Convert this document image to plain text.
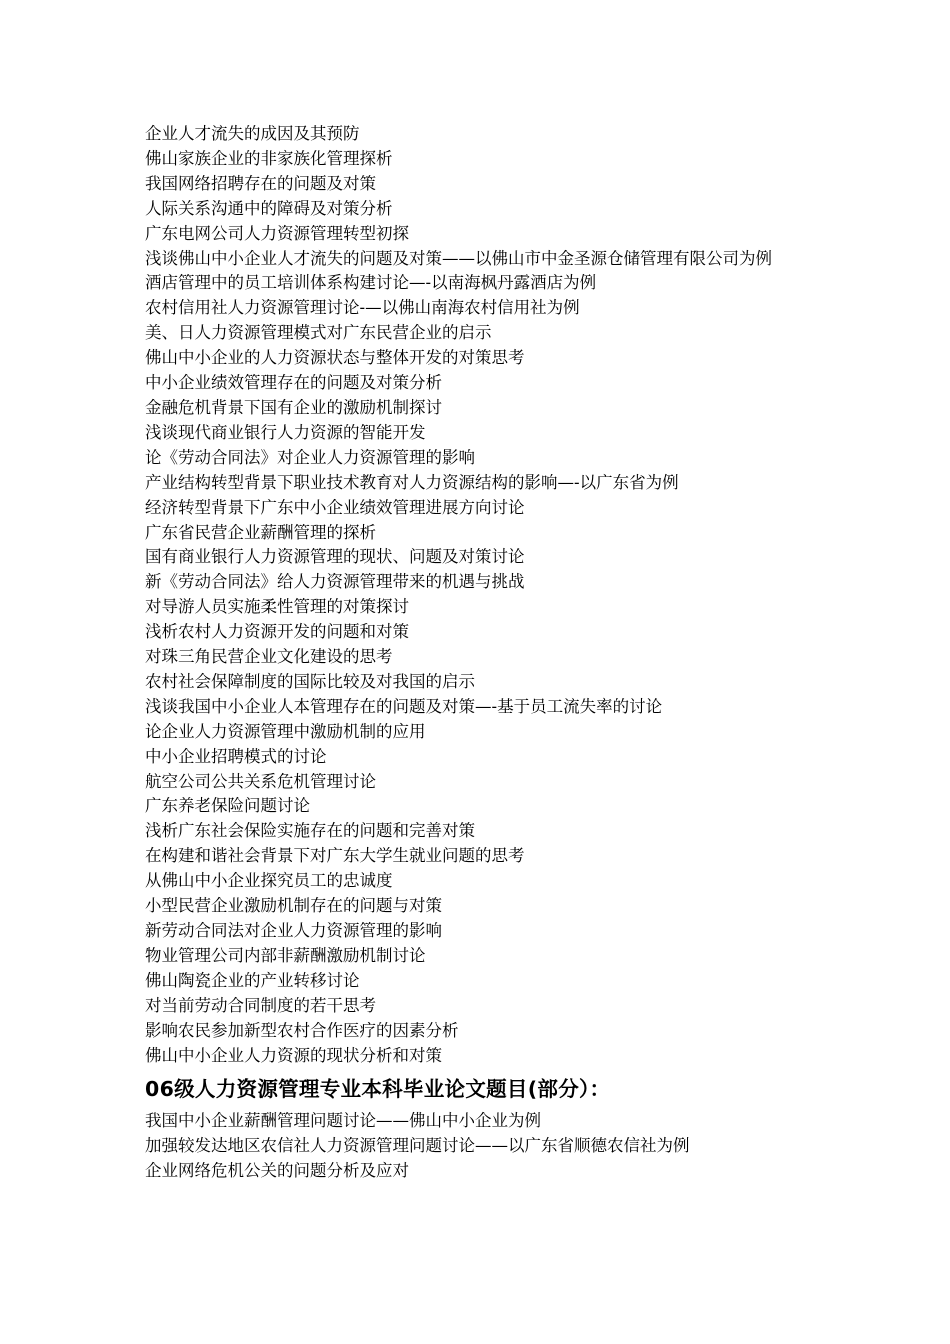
企业人才流失的成因及其预防
佛山家族企业的非家族化管理探析
我国网络招聘存在的问题及对策
人际关系沟通中的障碍及对策分析
广东电网公司人力资源管理转型初探
浅谈佛山中小企业人才流失的问题及对策——以佛山市中金圣源仓储管理有限公司为例
酒店管理中的员工培训体系构建讨论—-以南海枫丹露酒店为例
农村信用社人力资源管理讨论-—以佛山南海农村信用社为例
美、日人力资源管理模式对广东民营企业的启示
佛山中小企业的人力资源状态与整体开发的对策思考
中小企业绩效管理存在的问题及对策分析
金融危机背景下国有企业的激励机制探讨
浅谈现代商业银行人力资源的智能开发
论《劳动合同法》对企业人力资源管理的影响
产业结构转型背景下职业技术教育对人力资源结构的影响—-以广东省为例
经济转型背景下广东中小企业绩效管理进展方向讨论
广东省民营企业薪酬管理的探析
国有商业银行人力资源管理的现状、问题及对策讨论
新《劳动合同法》给人力资源管理带来的机遇与挑战
对导游人员实施柔性管理的对策探讨
浅析农村人力资源开发的问题和对策
对珠三角民营企业文化建设的思考
农村社会保障制度的国际比较及对我国的启示
浅谈我国中小企业人本管理存在的问题及对策—-基于员工流失率的讨论
论企业人力资源管理中激励机制的应用
中小企业招聘模式的讨论
航空公司公共关系危机管理讨论
广东养老保险问题讨论
浅析广东社会保险实施存在的问题和完善对策
在构建和谐社会背景下对广东大学生就业问题的思考
从佛山中小企业探究员工的忠诚度
小型民营企业激励机制存在的问题与对策
新劳动合同法对企业人力资源管理的影响
物业管理公司内部非薪酬激励机制讨论
佛山陶瓷企业的产业转移讨论
对当前劳动合同制度的若干思考
影响农民参加新型农村合作医疗的因素分析
佛山中小企业人力资源的现状分析和对策
06级人力资源管理专业本科毕业论文题目(部分）：
我国中小企业薪酬管理问题讨论——佛山中小企业为例
加强较发达地区农信社人力资源管理问题讨论——以广东省顺德农信社为例
企业网络危机公关的问题分析及应对
